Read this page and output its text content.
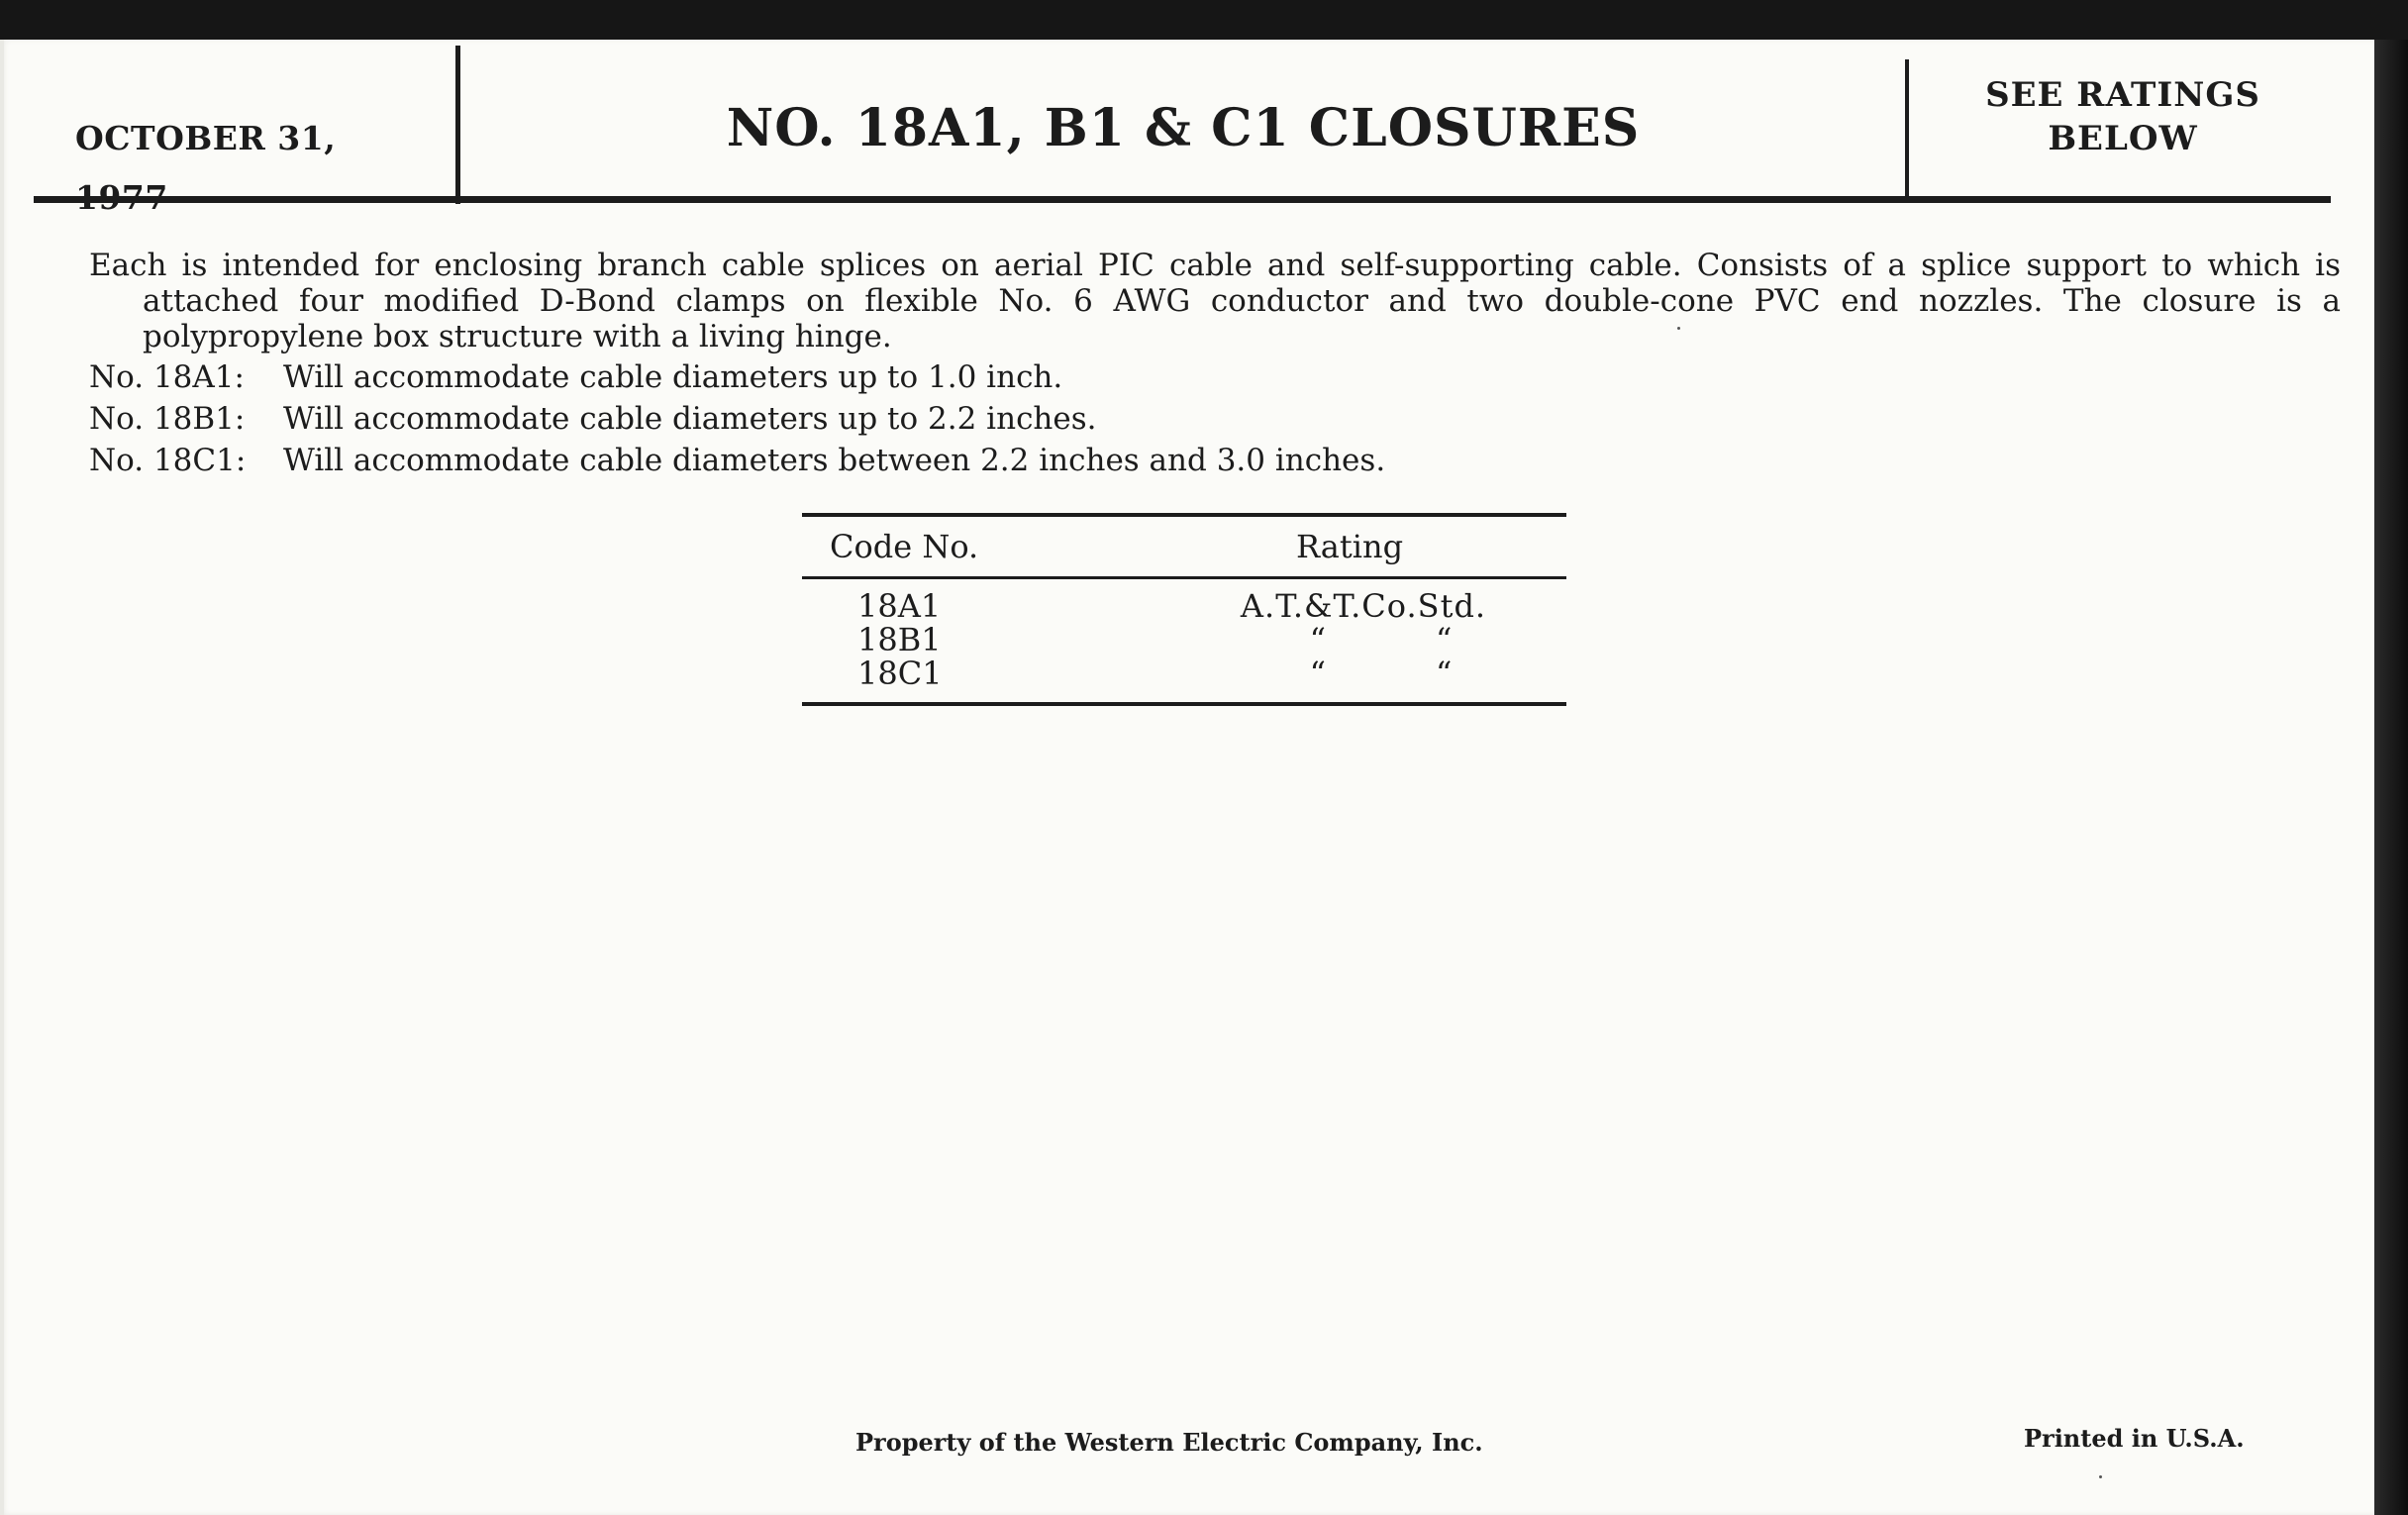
OCTOBER 31,	NO. 18A1, B1 & C1 CLOSURES
SEE RATINGS
BELOW
Each is intended for enclosing branch cable splices on aerial PIC cable and self-supporting cable. Consists of a splice support to which is attached four modified D-Bond clamps on flexible No. 6 AWG conductor and two double-cone PVC end nozzles. The closure is a polypropylene box structure with a living hinge.
No. 18A1:	Will accommodate cable diameters up to 1.0 inch.
No. 18B1:	Will accommodate cable diameters up to 2.2 inches.
No. 18C1:	Will accommodate cable diameters between 2.2 inches and 3.0 inches.
Code No.	Rating
18A1	A.T.&T.Co.Std.
18B1	“	“
18C1	“	“
Property of the Western Electric Company, Inc.	Printed in U.S.A.
